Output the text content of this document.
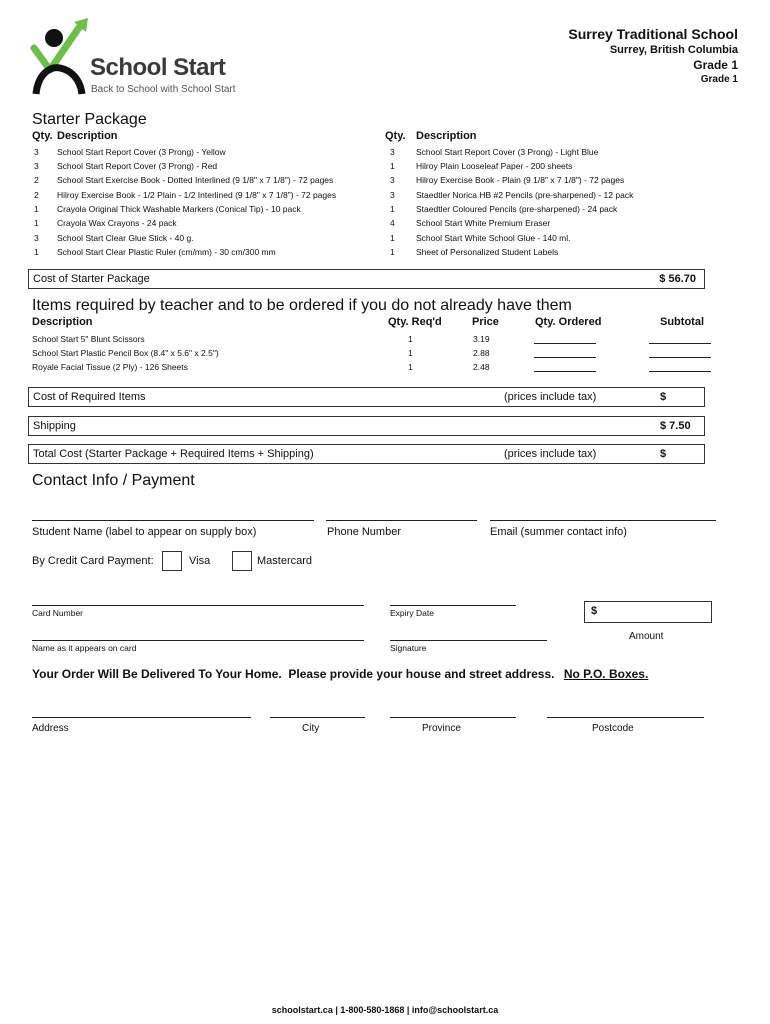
School Start
Back to School with School Start
Surrey Traditional School
Surrey, British Columbia
Grade 1
Grade 1
Starter Package
Qty. Description	Qty. Description
3 School Start Report Cover (3 Prong) - Yellow
3 School Start Report Cover (3 Prong) - Red
2 School Start Exercise Book - Dotted Interlined (9 1/8" x 7 1/8") - 72 pages
2 Hilroy Exercise Book - 1/2 Plain - 1/2 Interlined (9 1/8" x 7 1/8") - 72 pages
1 Crayola Original Thick Washable Markers (Conical Tip) - 10 pack
1 Crayola Wax Crayons - 24 pack
3 School Start Clear Glue Stick - 40 g.
1 School Start Clear Plastic Ruler (cm/mm) - 30 cm/300 mm
3	School Start Report Cover (3 Prong) - Light Blue
1	Hilroy Plain Looseleaf Paper - 200 sheets
3	Hilroy Exercise Book - Plain (9 1/8" x 7 1/8") - 72 pages
3	Staedtler Norica HB #2 Pencils (pre-sharpened) - 12 pack
1	Staedtler Coloured Pencils (pre-sharpened) - 24 pack
4	School Start White Premium Eraser
1	School Start White School Glue - 140 ml.
1	Sheet of Personalized Student Labels
Cost of Starter Package	$ 56.70
Items required by teacher and to be ordered if you do not already have them
Description	Qty. Req'd	Price	Qty. Ordered	Subtotal
School Start 5" Blunt Scissors	1	3.19
School Start Plastic Pencil Box (8.4" x 5.6" x 2.5")	1	2.88
Royale Facial Tissue (2 Ply) - 126 Sheets	1	2.48
Cost of Required Items	(prices include tax)	$
Shipping	$ 7.50
Total Cost (Starter Package + Required Items + Shipping)	(prices include tax)	$
Contact Info / Payment
Student Name (label to appear on supply box)	Phone Number	Email (summer contact info)
By Credit Card Payment:	Visa	Mastercard
Card Number	Expiry Date	$
Amount
Name as it appears on card	Signature
Your Order Will Be Delivered To Your Home.  Please provide your house and street address. No P.O. Boxes.
Address	City	Province	Postcode
schoolstart.ca | 1-800-580-1868 | info@schoolstart.ca
